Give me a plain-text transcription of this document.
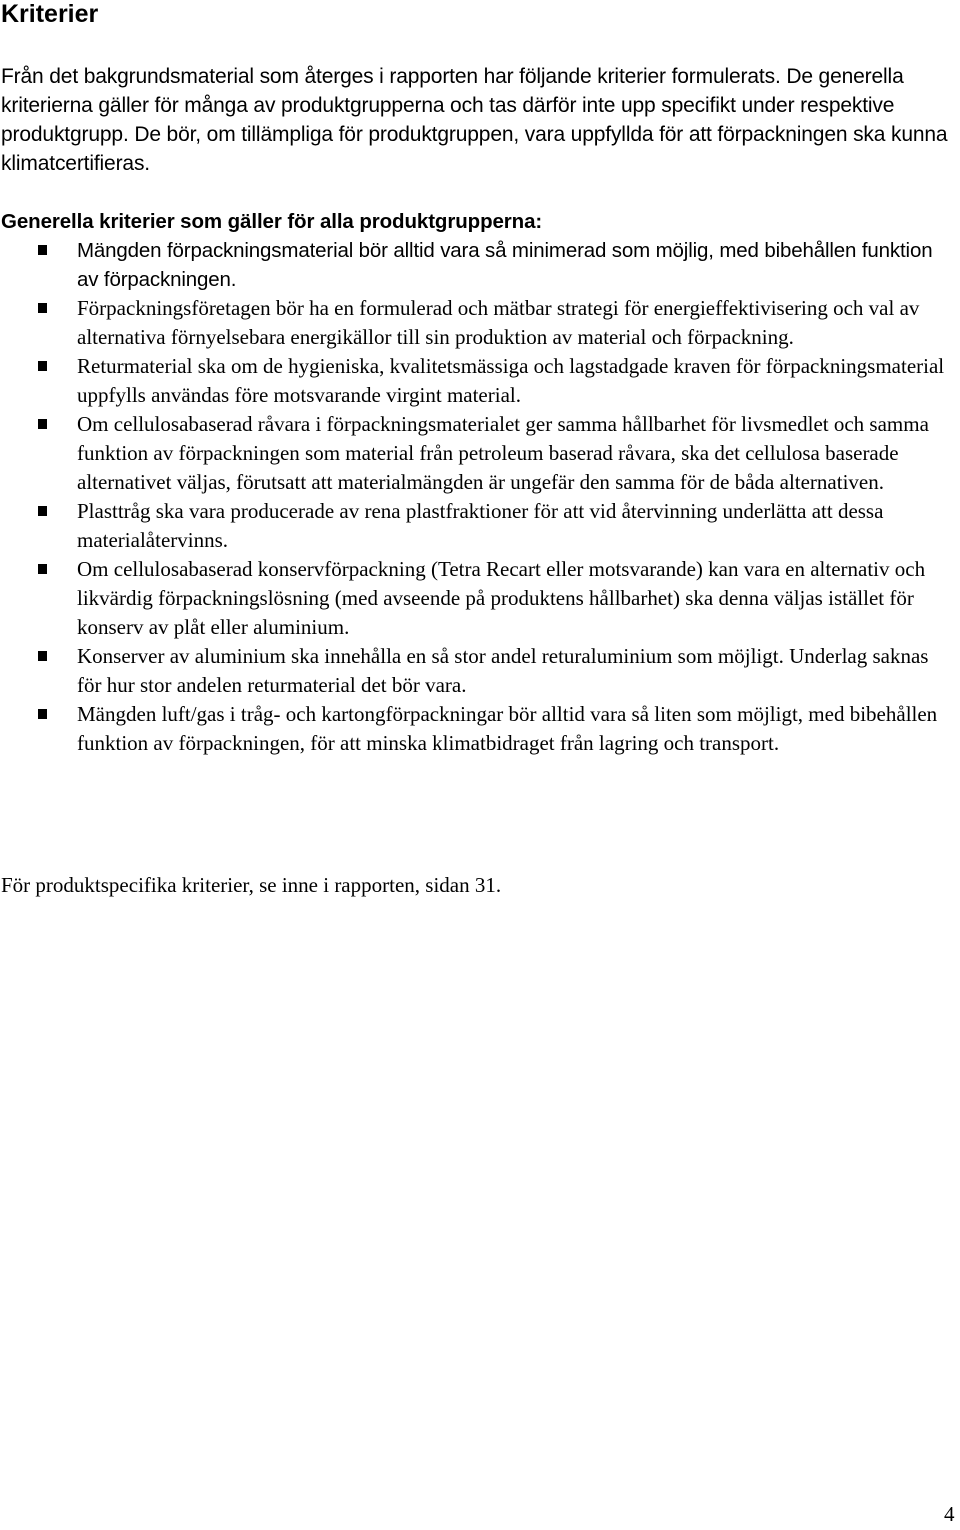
Kriterier

Från det bakgrundsmaterial som återges i rapporten har följande kriterier formulerats. De generella kriterierna gäller för många av produktgrupperna och tas därför inte upp specifikt under respektive produktgrupp. De bör, om tillämpliga för produktgruppen, vara uppfyllda för att förpackningen ska kunna klimatcertifieras.

Generella kriterier som gäller för alla produktgrupperna:

Mängden förpackningsmaterial bör alltid vara så minimerad som möjlig, med bibehållen funktion av förpackningen.
Förpackningsföretagen bör ha en formulerad och mätbar strategi för energieffektivisering och val av alternativa förnyelsebara energikällor till sin produktion av material och förpackning.
Returmaterial ska om de hygieniska, kvalitetsmässiga och lagstadgade kraven för förpackningsmaterial uppfylls användas före motsvarande virgint material.
Om cellulosabaserad råvara i förpackningsmaterialet ger samma hållbarhet för livsmedlet och samma funktion av förpackningen som material från petroleum baserad råvara, ska det cellulosa baserade alternativet väljas, förutsatt att materialmängden är ungefär den samma för de båda alternativen.
Plasttråg ska vara producerade av rena plastfraktioner för att vid återvinning underlätta att dessa materialåtervinns.
Om cellulosabaserad konservförpackning (Tetra Recart eller motsvarande) kan vara en alternativ och likvärdig förpackningslösning (med avseende på produktens hållbarhet) ska denna väljas istället för konserv av plåt eller aluminium.
Konserver av aluminium ska innehålla en så stor andel returaluminium som möjligt. Underlag saknas för hur stor andelen returmaterial det bör vara.
Mängden luft/gas i tråg- och kartongförpackningar bör alltid vara så liten som möjligt, med bibehållen funktion av förpackningen, för att minska klimatbidraget från lagring och transport.

För produktspecifika kriterier, se inne i rapporten, sidan 31.

4
